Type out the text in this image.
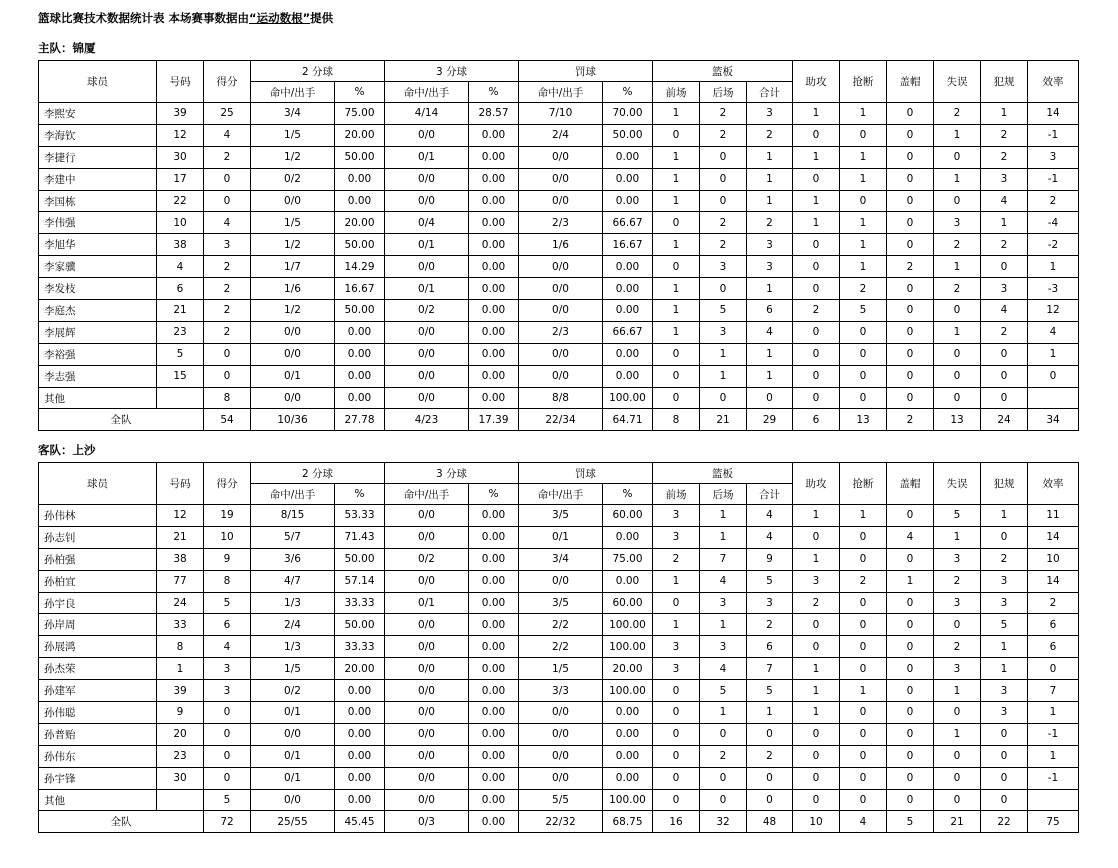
篮球比赛技术数据统计表 本场赛事数据由“运动数根”提供
主队：锦厦
球员	号码	得分	2 分球		3 分球		罚球		篮板			助攻	抢断	盖帽	失误	犯规	效率
			命中/出手	%	命中/出手	%	命中/出手	%	前场	后场	合计						
李熙安	39	25	3/4	75.00	4/14	28.57	7/10	70.00	1	2	3	1	1	0	2	1	14
李海钦	12	4	1/5	20.00	0/0	0.00	2/4	50.00	0	2	2	0	0	0	1	2	-1
李捷行	30	2	1/2	50.00	0/1	0.00	0/0	0.00	1	0	1	1	1	0	0	2	3
李建中	17	0	0/2	0.00	0/0	0.00	0/0	0.00	1	0	1	0	1	0	1	3	-1
李国栋	22	0	0/0	0.00	0/0	0.00	0/0	0.00	1	0	1	1	0	0	0	4	2
李伟强	10	4	1/5	20.00	0/4	0.00	2/3	66.67	0	2	2	1	1	0	3	1	-4
李旭华	38	3	1/2	50.00	0/1	0.00	1/6	16.67	1	2	3	0	1	0	2	2	-2
李家骥	4	2	1/7	14.29	0/0	0.00	0/0	0.00	0	3	3	0	1	2	1	0	1
李发枝	6	2	1/6	16.67	0/1	0.00	0/0	0.00	1	0	1	0	2	0	2	3	-3
李庭杰	21	2	1/2	50.00	0/2	0.00	0/0	0.00	1	5	6	2	5	0	0	4	12
李展辉	23	2	0/0	0.00	0/0	0.00	2/3	66.67	1	3	4	0	0	0	1	2	4
李裕强	5	0	0/0	0.00	0/0	0.00	0/0	0.00	0	1	1	0	0	0	0	0	1
李志强	15	0	0/1	0.00	0/0	0.00	0/0	0.00	0	1	1	0	0	0	0	0	0
其他		8	0/0	0.00	0/0	0.00	8/8	100.00	0	0	0	0	0	0	0	0	
全队		54	10/36	27.78	4/23	17.39	22/34	64.71	8	21	29	6	13	2	13	24	34
客队：上沙
球员	号码	得分	2 分球		3 分球		罚球		篮板			助攻	抢断	盖帽	失误	犯规	效率
			命中/出手	%	命中/出手	%	命中/出手	%	前场	后场	合计						
孙伟林	12	19	8/15	53.33	0/0	0.00	3/5	60.00	3	1	4	1	1	0	5	1	11
孙志钊	21	10	5/7	71.43	0/0	0.00	0/1	0.00	3	1	4	0	0	4	1	0	14
孙柏强	38	9	3/6	50.00	0/2	0.00	3/4	75.00	2	7	9	1	0	0	3	2	10
孙柏宜	77	8	4/7	57.14	0/0	0.00	0/0	0.00	1	4	5	3	2	1	2	3	14
孙宇良	24	5	1/3	33.33	0/1	0.00	3/5	60.00	0	3	3	2	0	0	3	3	2
孙岸周	33	6	2/4	50.00	0/0	0.00	2/2	100.00	1	1	2	0	0	0	0	5	6
孙展鸿	8	4	1/3	33.33	0/0	0.00	2/2	100.00	3	3	6	0	0	0	2	1	6
孙杰荣	1	3	1/5	20.00	0/0	0.00	1/5	20.00	3	4	7	1	0	0	3	1	0
孙建军	39	3	0/2	0.00	0/0	0.00	3/3	100.00	0	5	5	1	1	0	1	3	7
孙伟聪	9	0	0/1	0.00	0/0	0.00	0/0	0.00	0	1	1	1	0	0	0	3	1
孙普贻	20	0	0/0	0.00	0/0	0.00	0/0	0.00	0	0	0	0	0	0	1	0	-1
孙伟东	23	0	0/1	0.00	0/0	0.00	0/0	0.00	0	2	2	0	0	0	0	0	1
孙宇锋	30	0	0/1	0.00	0/0	0.00	0/0	0.00	0	0	0	0	0	0	0	0	-1
其他		5	0/0	0.00	0/0	0.00	5/5	100.00	0	0	0	0	0	0	0	0	
全队		72	25/55	45.45	0/3	0.00	22/32	68.75	16	32	48	10	4	5	21	22	75
